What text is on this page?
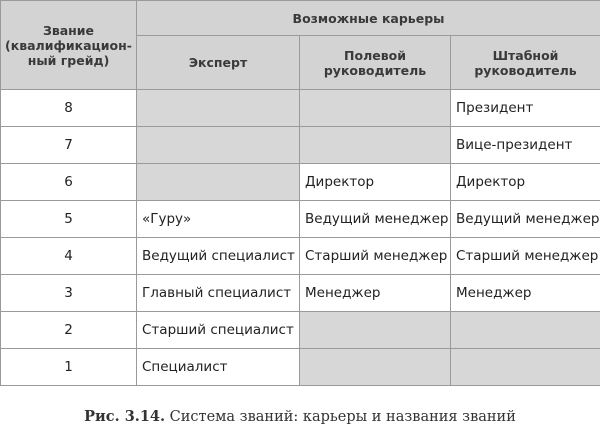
Звание (квалификацион-ный грейд)	Возможные карьеры		
	Эксперт	Полевой руководитель	Штабной руководитель
8			Президент
7			Вице-президент
6		Директор	Директор
5	«Гуру»	Ведущий менеджер	Ведущий менеджер
4	Ведущий специалист	Старший менеджер	Старший менеджер
3	Главный специалист	Менеджер	Менеджер
2	Старший специалист		
1	Специалист		
Рис. 3.14. Система званий: карьеры и названия званий
